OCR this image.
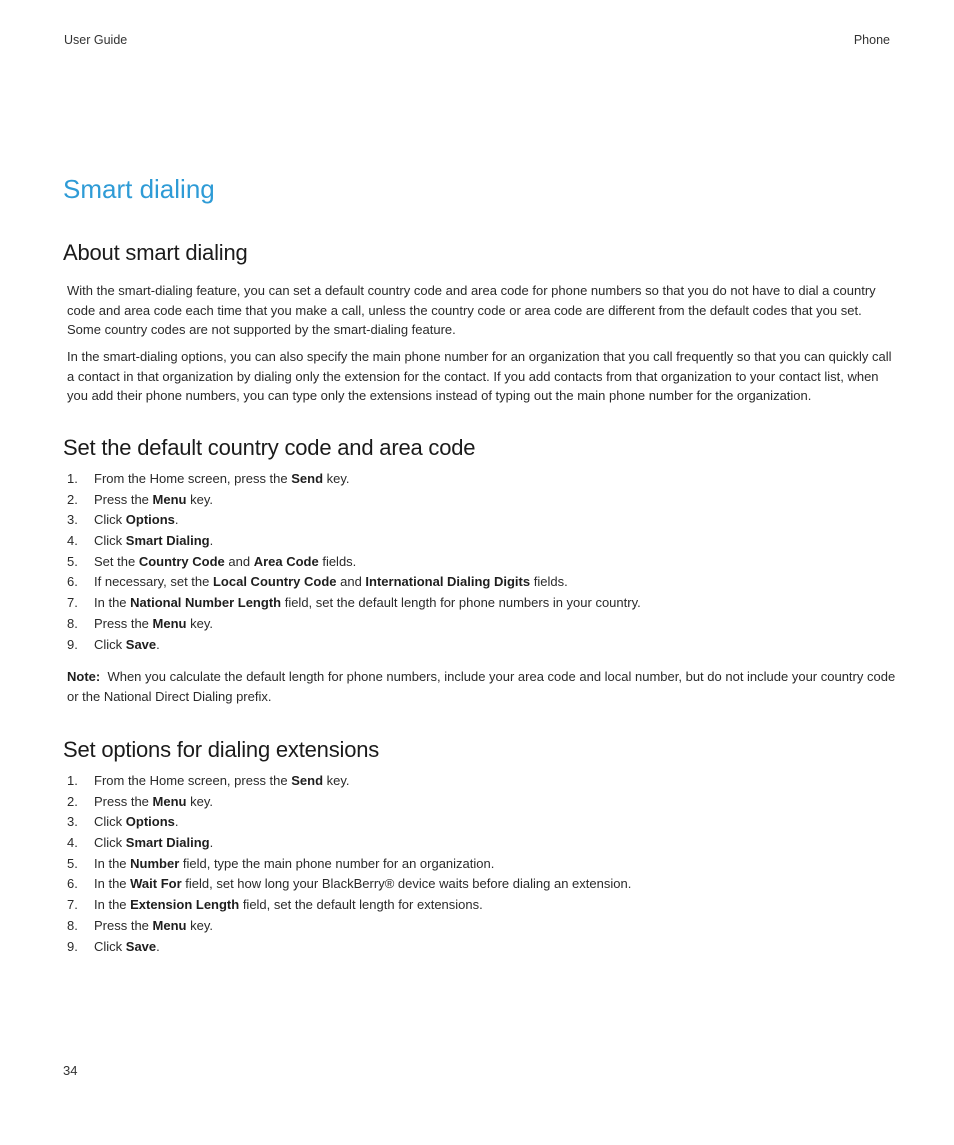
User Guide	Phone
Smart dialing
About smart dialing

With the smart-dialing feature, you can set a default country code and area code for phone numbers so that you do not have to dial a country code and area code each time that you make a call, unless the country code or area code are different from the default codes that you set. Some country codes are not supported by the smart-dialing feature.

In the smart-dialing options, you can also specify the main phone number for an organization that you call frequently so that you can quickly call a contact in that organization by dialing only the extension for the contact. If you add contacts from that organization to your contact list, when you add their phone numbers, you can type only the extensions instead of typing out the main phone number for the organization.

Set the default country code and area code
1. From the Home screen, press the Send key.
2. Press the Menu key.
3. Click Options.
4. Click Smart Dialing.
5. Set the Country Code and Area Code fields.
6. If necessary, set the Local Country Code and International Dialing Digits fields.
7. In the National Number Length field, set the default length for phone numbers in your country.
8. Press the Menu key.
9. Click Save.

Note: When you calculate the default length for phone numbers, include your area code and local number, but do not include your country code or the National Direct Dialing prefix.

Set options for dialing extensions
1. From the Home screen, press the Send key.
2. Press the Menu key.
3. Click Options.
4. Click Smart Dialing.
5. In the Number field, type the main phone number for an organization.
6. In the Wait For field, set how long your BlackBerry® device waits before dialing an extension.
7. In the Extension Length field, set the default length for extensions.
8. Press the Menu key.
9. Click Save.
34
